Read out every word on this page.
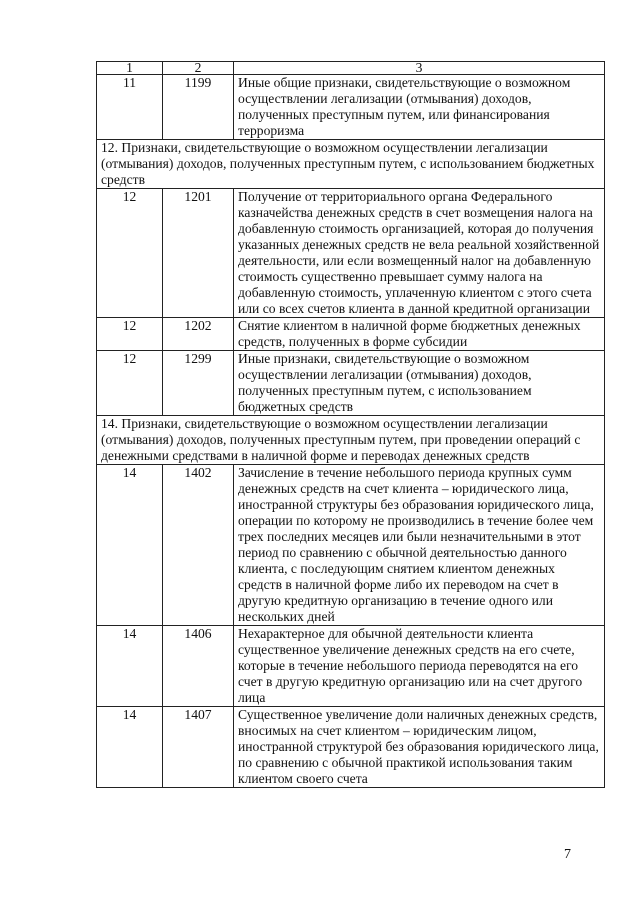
1	2	3
11	1199	Иные общие признаки, свидетельствующие о возможном осуществлении легализации (отмывания) доходов, полученных преступным путем, или финансирования терроризма
12. Признаки, свидетельствующие о возможном осуществлении легализации (отмывания) доходов, полученных преступным путем, с использованием бюджетных средств		
12	1201	Получение от территориального органа Федерального казначейства денежных средств в счет возмещения налога на добавленную стоимость организацией, которая до получения указанных денежных средств не вела реальной хозяйственной деятельности, или если возмещенный налог на добавленную стоимость существенно превышает сумму налога на добавленную стоимость, уплаченную клиентом с этого счета или со всех счетов клиента в данной кредитной организации
12	1202	Снятие клиентом в наличной форме бюджетных денежных средств, полученных в форме субсидии
12	1299	Иные признаки, свидетельствующие о возможном осуществлении легализации (отмывания) доходов, полученных преступным путем, с использованием бюджетных средств
14. Признаки, свидетельствующие о возможном осуществлении легализации (отмывания) доходов, полученных преступным путем, при проведении операций с денежными средствами в наличной форме и переводах денежных средств		
14	1402	Зачисление в течение небольшого периода крупных сумм денежных средств на счет клиента – юридического лица, иностранной структуры без образования юридического лица, операции по которому не производились в течение более чем трех последних месяцев или были незначительными в этот период по сравнению с обычной деятельностью данного клиента, с последующим снятием клиентом денежных средств в наличной форме либо их переводом на счет в другую кредитную организацию в течение одного или нескольких дней
14	1406	Нехарактерное для обычной деятельности клиента существенное увеличение денежных средств на его счете, которые в течение небольшого периода переводятся на его счет в другую кредитную организацию или на счет другого лица
14	1407	Существенное увеличение доли наличных денежных средств, вносимых на счет клиентом – юридическим лицом, иностранной структурой без образования юридического лица, по сравнению с обычной практикой использования таким клиентом своего счета
7
